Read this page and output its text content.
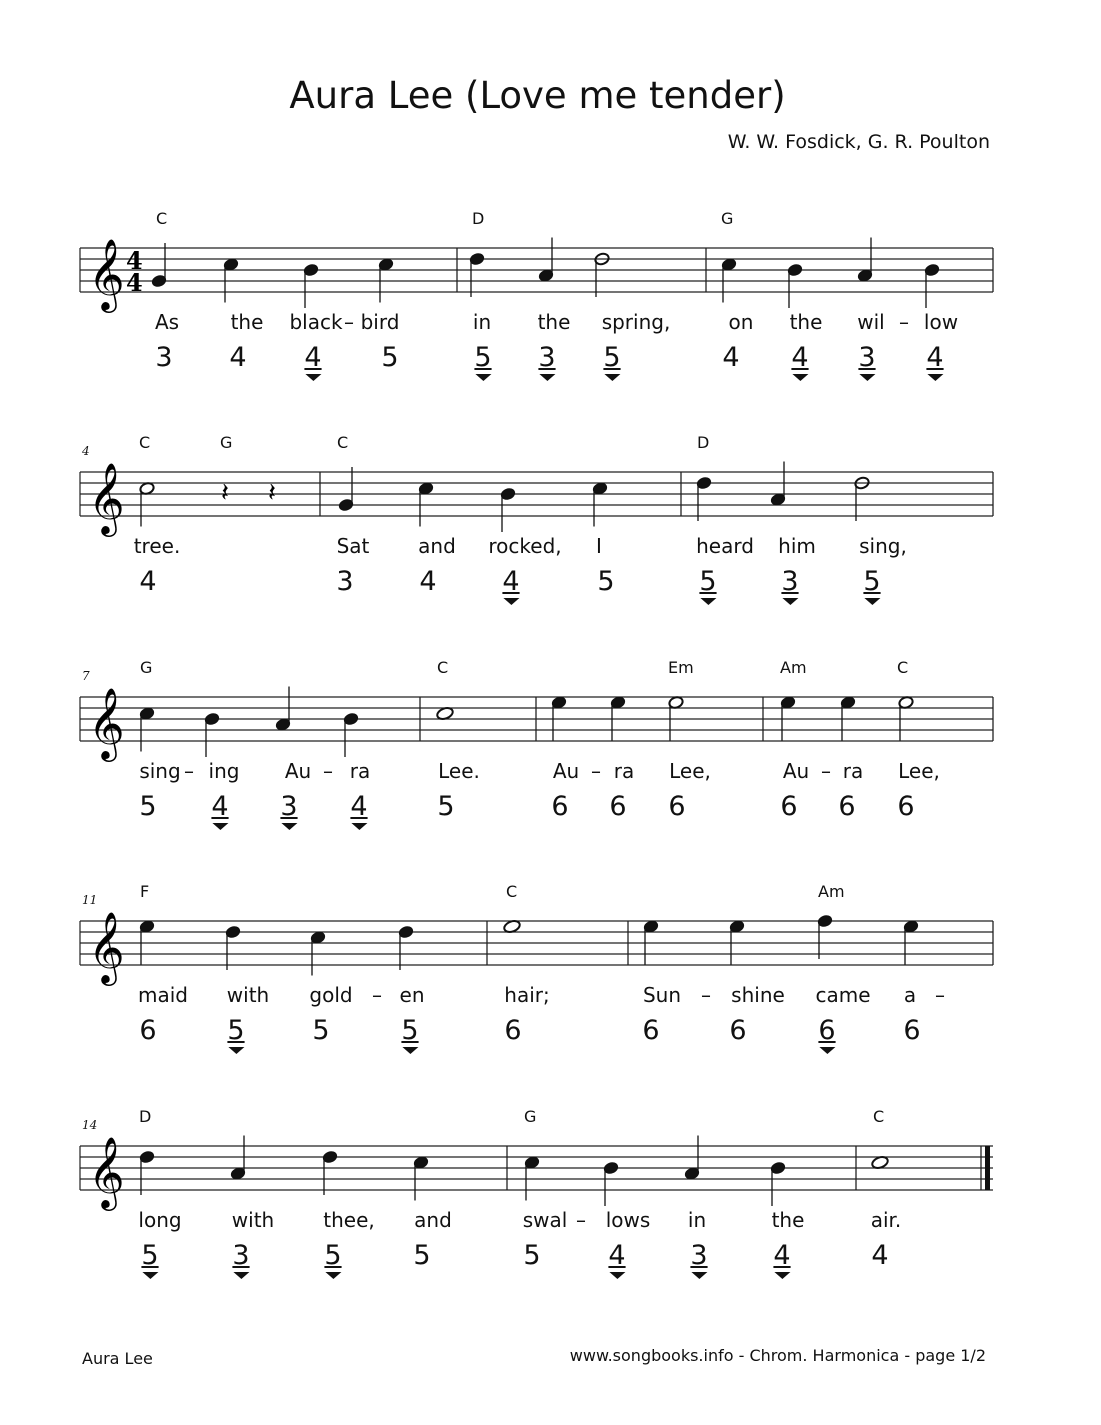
Aura Lee (Love me tender)
W. W. Fosdick, G. R. Poulton
𝄞 4
4
C	D	G
As	the black – bird	in the spring,	on the wil – low
3 4 4 5	5 3 5	4 4 3 4
𝄞	𝄽 𝄽
4	C	G	C	D
tree.	Sat and rocked, I	heard him sing,
4	3 4 4	5	5 3 5
𝄞
7	G	C	Em	Am	C
sing – ing Au – ra	Lee.	Au – ra Lee,	Au – ra Lee,
5 4 3 4	5	6 6 6	6 6 6
𝄞
11	F	C	Am
maid with gold – en	hair;	Sun – shine came a –
6	5	5	5	6	6	6	6	6
𝄞
14	D	G	C
long	with thee, and	swal – lows in	the	air.
5	3	5	5	5	4 3 4	4
Aura Lee	www.songbooks.info - Chrom. Harmonica - page 1/2
